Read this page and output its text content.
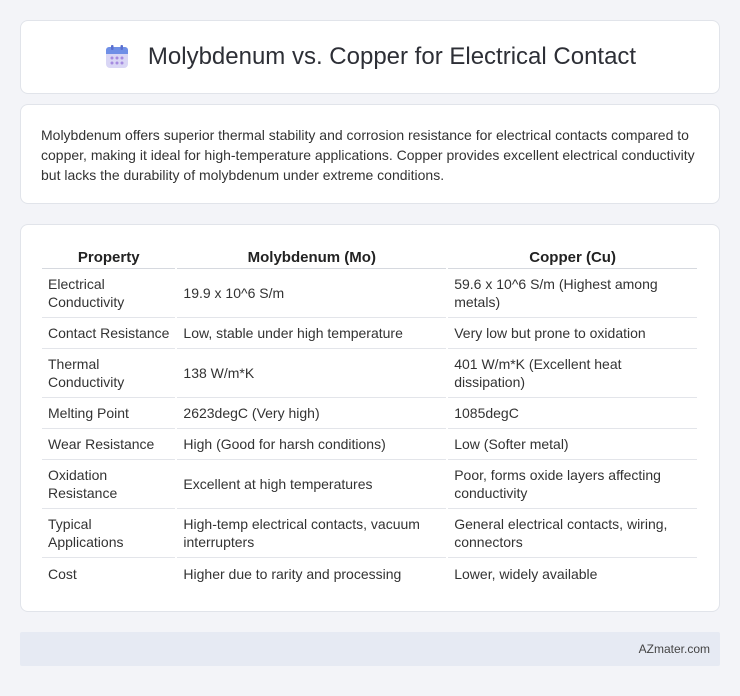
Molybdenum vs. Copper for Electrical Contact

Molybdenum offers superior thermal stability and corrosion resistance for electrical contacts compared to copper, making it ideal for high-temperature applications. Copper provides excellent electrical conductivity but lacks the durability of molybdenum under extreme conditions.

Property	Molybdenum (Mo)	Copper (Cu)
Electrical Conductivity	19.9 x 10^6 S/m	59.6 x 10^6 S/m (Highest among metals)
Contact Resistance	Low, stable under high temperature	Very low but prone to oxidation
Thermal Conductivity	138 W/m*K	401 W/m*K (Excellent heat dissipation)
Melting Point	2623degC (Very high)	1085degC
Wear Resistance	High (Good for harsh conditions)	Low (Softer metal)
Oxidation Resistance	Excellent at high temperatures	Poor, forms oxide layers affecting conductivity
Typical Applications	High-temp electrical contacts, vacuum interrupters	General electrical contacts, wiring, connectors
Cost	Higher due to rarity and processing	Lower, widely available
AZmater.com
